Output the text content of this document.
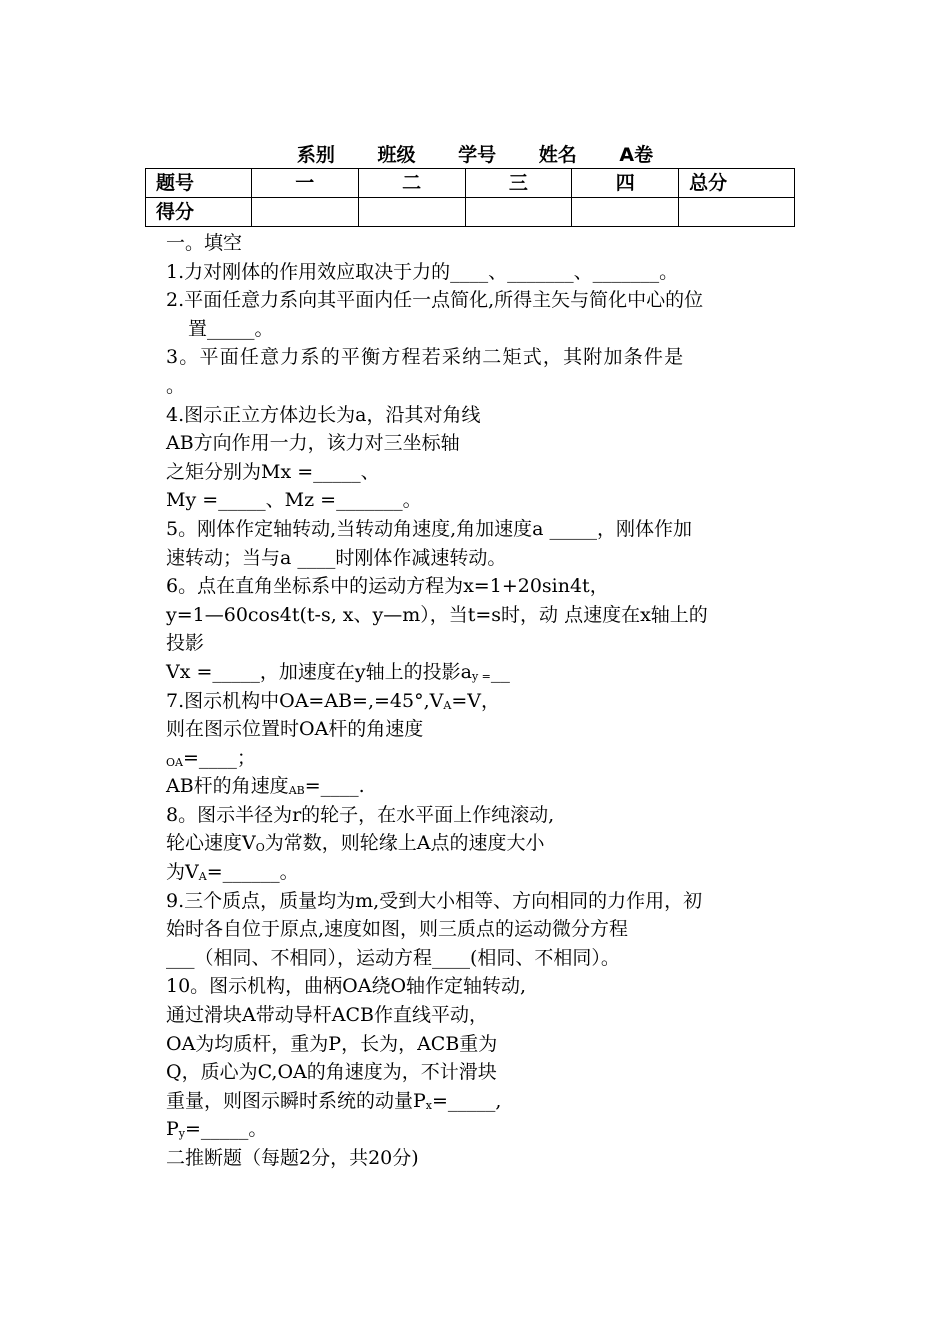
系别 班级 学号 姓名 A卷
题号	一	二	三	四	总分
得分					
一。填空
1.力对刚体的作用效应取决于力的____、_______、_______。
2.平面任意力系向其平面内任一点简化,所得主矢与简化中心的位
置_____。
3。平面任意力系的平衡方程若采纳二矩式，其附加条件是
。
4.图示正立方体边长为a，沿其对角线
AB方向作用一力，该力对三坐标轴
之矩分别为Mx =_____、
My =_____、Mz =_______。
5。刚体作定轴转动,当转动角速度,角加速度a _____，刚体作加
速转动；当与a ____时刚体作减速转动。
6。点在直角坐标系中的运动方程为x=1+20sin4t，
y=1—60cos4t(t-s, x、y—m），当t=s时，动 点速度在x轴上的
投影
Vx =_____，加速度在y轴上的投影ay =__
7.图示机构中OA=AB=,=45°,VA=V，
则在图示位置时OA杆的角速度
OA=____；
AB杆的角速度AB=____.
8。图示半径为r的轮子，在水平面上作纯滚动,
轮心速度VO为常数，则轮缘上A点的速度大小
为VA=______。
9.三个质点，质量均为m,受到大小相等、方向相同的力作用，初
始时各自位于原点,速度如图，则三质点的运动微分方程
___（相同、不相同），运动方程____(相同、不相同）。
10。图示机构，曲柄OA绕O轴作定轴转动,
通过滑块A带动导杆ACB作直线平动，
OA为均质杆，重为P，长为，ACB重为
Q，质心为C,OA的角速度为，不计滑块
重量，则图示瞬时系统的动量Px=_____,
Py=_____。
二推断题（每题2分，共20分)
